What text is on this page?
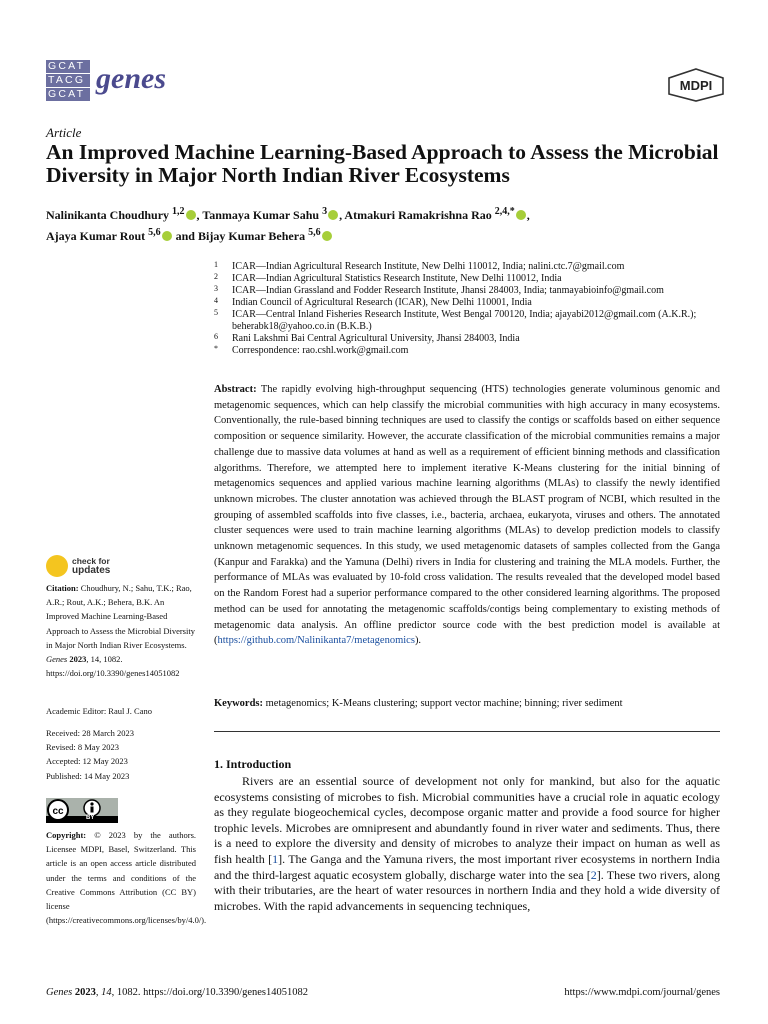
GCAT
TACG
GCAT genes	MDPI
Article
An Improved Machine Learning-Based Approach to Assess the Microbial Diversity in Major North Indian River Ecosystems
Nalinikanta Choudhury $^{1,2}$ , Tanmaya Kumar Sahu $^3$ , Atmakuri Ramakrishna Rao $^{2,4,*}$ ,
Ajaya Kumar Rout $^{5,6}$ and Bijay Kumar Behera $^{5,6}$
1 ICAR—Indian Agricultural Research Institute, New Delhi 110012, India; nalini.ctc.7@gmail.com
2 ICAR—Indian Agricultural Statistics Research Institute, New Delhi 110012, India
3 ICAR—Indian Grassland and Fodder Research Institute, Jhansi 284003, India; tanmayabioinfo@gmail.com
4 Indian Council of Agricultural Research (ICAR), New Delhi 110001, India
5 ICAR—Central Inland Fisheries Research Institute, West Bengal 700120, India; ajayabi2012@gmail.com (A.K.R.); beherabk18@yahoo.co.in (B.K.B.)
6 Rani Lakshmi Bai Central Agricultural University, Jhansi 284003, India
* Correspondence: rao.cshl.work@gmail.com
Abstract: The rapidly evolving high-throughput sequencing (HTS) technologies generate voluminous genomic and metagenomic sequences, which can help classify the microbial communities with high accuracy in many ecosystems. Conventionally, the rule-based binning techniques are used to classify the contigs or scaffolds based on either sequence composition or sequence similarity. However, the accurate classification of the microbial communities remains a major challenge due to massive data volumes at hand as well as a requirement of efficient binning methods and classification algorithms. Therefore, we attempted here to implement iterative K-Means clustering for the initial binning of metagenomics sequences and applied various machine learning algorithms (MLAs) to classify the newly identified unknown microbes. The cluster annotation was achieved through the BLAST program of NCBI, which resulted in the grouping of assembled scaffolds into five classes, i.e., bacteria, archaea, eukaryota, viruses and others. The annotated cluster sequences were used to train machine learning algorithms (MLAs) to develop prediction models to classify unknown metagenomic sequences. In this study, we used metagenomic datasets of samples collected from the Ganga (Kanpur and Farakka) and the Yamuna (Delhi) rivers in India for clustering and training the MLA models. Further, the performance of MLAs was evaluated by 10-fold cross validation. The results revealed that the developed model based on the Random Forest had a superior performance compared to the other considered learning algorithms. The proposed method can be used for annotating the metagenomic scaffolds/contigs being complementary to existing methods of metagenomic data analysis. An offline predictor source code with the best prediction model is available at (https://github.com/Nalinikanta7/metagenomics).
Keywords: metagenomics; K-Means clustering; support vector machine; binning; river sediment
1. Introduction
Rivers are an essential source of development not only for mankind, but also for the aquatic ecosystems consisting of microbes to fish. Microbial communities have a crucial role in aquatic ecology as they regulate biogeochemical cycles, decompose organic matter and provide a food source for higher trophic levels. Microbes are omnipresent and abundantly found in river water and sediments. Thus, there is a need to explore the diversity and density of microbes to analyze their impact on human as well as fish health [1]. The Ganga and the Yamuna rivers, the most important river ecosystems in northern India and the third-largest aquatic ecosystem globally, discharge water into the sea [2]. These two rivers, along with their tributaries, are the heart of water resources in northern India and they hold a wide diversity of microbes. With the rapid advancements in sequencing techniques,
check for
updates
Citation: Choudhury, N.; Sahu, T.K.; Rao, A.R.; Rout, A.K.; Behera, B.K. An Improved Machine Learning-Based Approach to Assess the Microbial Diversity in Major North Indian River Ecosystems. Genes 2023, 14, 1082. https://doi.org/10.3390/genes14051082
Academic Editor: Raul J. Cano
Received: 28 March 2023
Revised: 8 May 2023
Accepted: 12 May 2023
Published: 14 May 2023
cc
BY
Copyright: © 2023 by the authors. Licensee MDPI, Basel, Switzerland. This article is an open access article distributed under the terms and conditions of the Creative Commons Attribution (CC BY) license (https://creativecommons.org/licenses/by/4.0/).
Genes 2023, 14, 1082. https://doi.org/10.3390/genes14051082	https://www.mdpi.com/journal/genes
